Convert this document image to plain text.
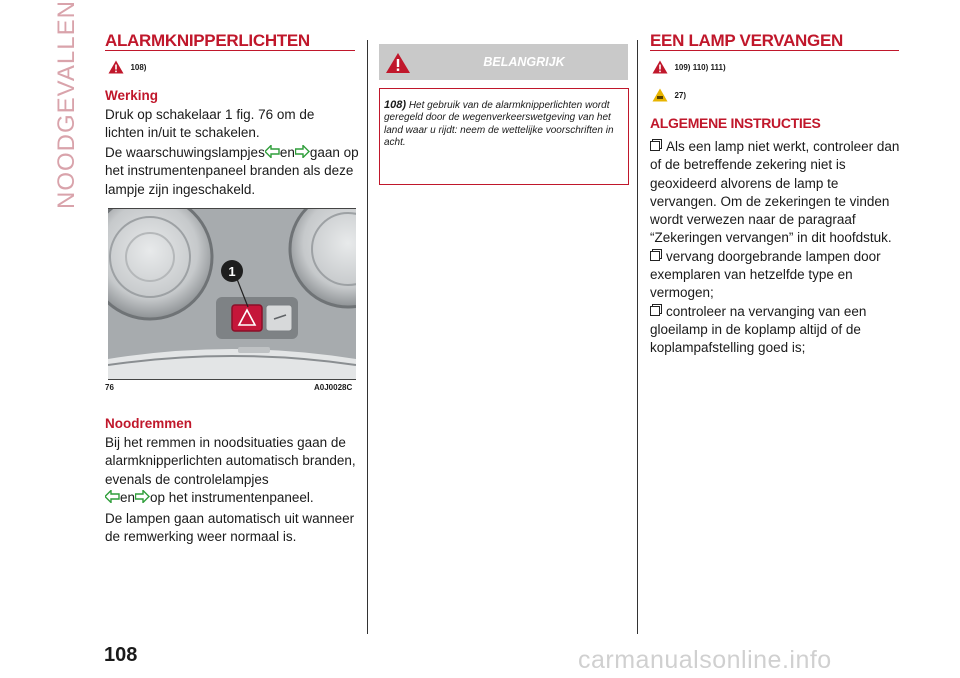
NOODGEVALLEN ALARMKNIPPERLICHTEN
$^{108)}$
Werking
Druk op schakelaar 1 fig. 76 om de lichten in/uit te schakelen.
De waarschuwingslampjes en gaan op het instrumentenpaneel branden als deze lampje zijn ingeschakeld.
1
76	A0J0028C
Noodremmen
Bij het remmen in noodsituaties gaan de alarmknipperlichten automatisch branden, evenals de controlelampjes
en op het instrumentenpaneel.
De lampen gaan automatisch uit wanneer de remwerking weer normaal is.
BELANGRIJK
108) Het gebruik van de alarmknipperlichten wordt geregeld door de wegenverkeerswetgeving van het land waar u rijdt: neem de wettelijke voorschriften in acht.
EEN LAMP VERVANGEN
$^{109) 110) 111)}$
$^{27)}$
ALGEMENE INSTRUCTIES
Als een lamp niet werkt, controleer dan of de betreffende zekering niet is geoxideerd alvorens de lamp te vervangen. Om de zekeringen te vinden wordt verwezen naar de paragraaf “Zekeringen vervangen” in dit hoofdstuk.
vervang doorgebrande lampen door exemplaren van hetzelfde type en vermogen;
controleer na vervanging van een gloeilamp in de koplamp altijd of de koplampafstelling goed is;
108	carmanualsonline.info
